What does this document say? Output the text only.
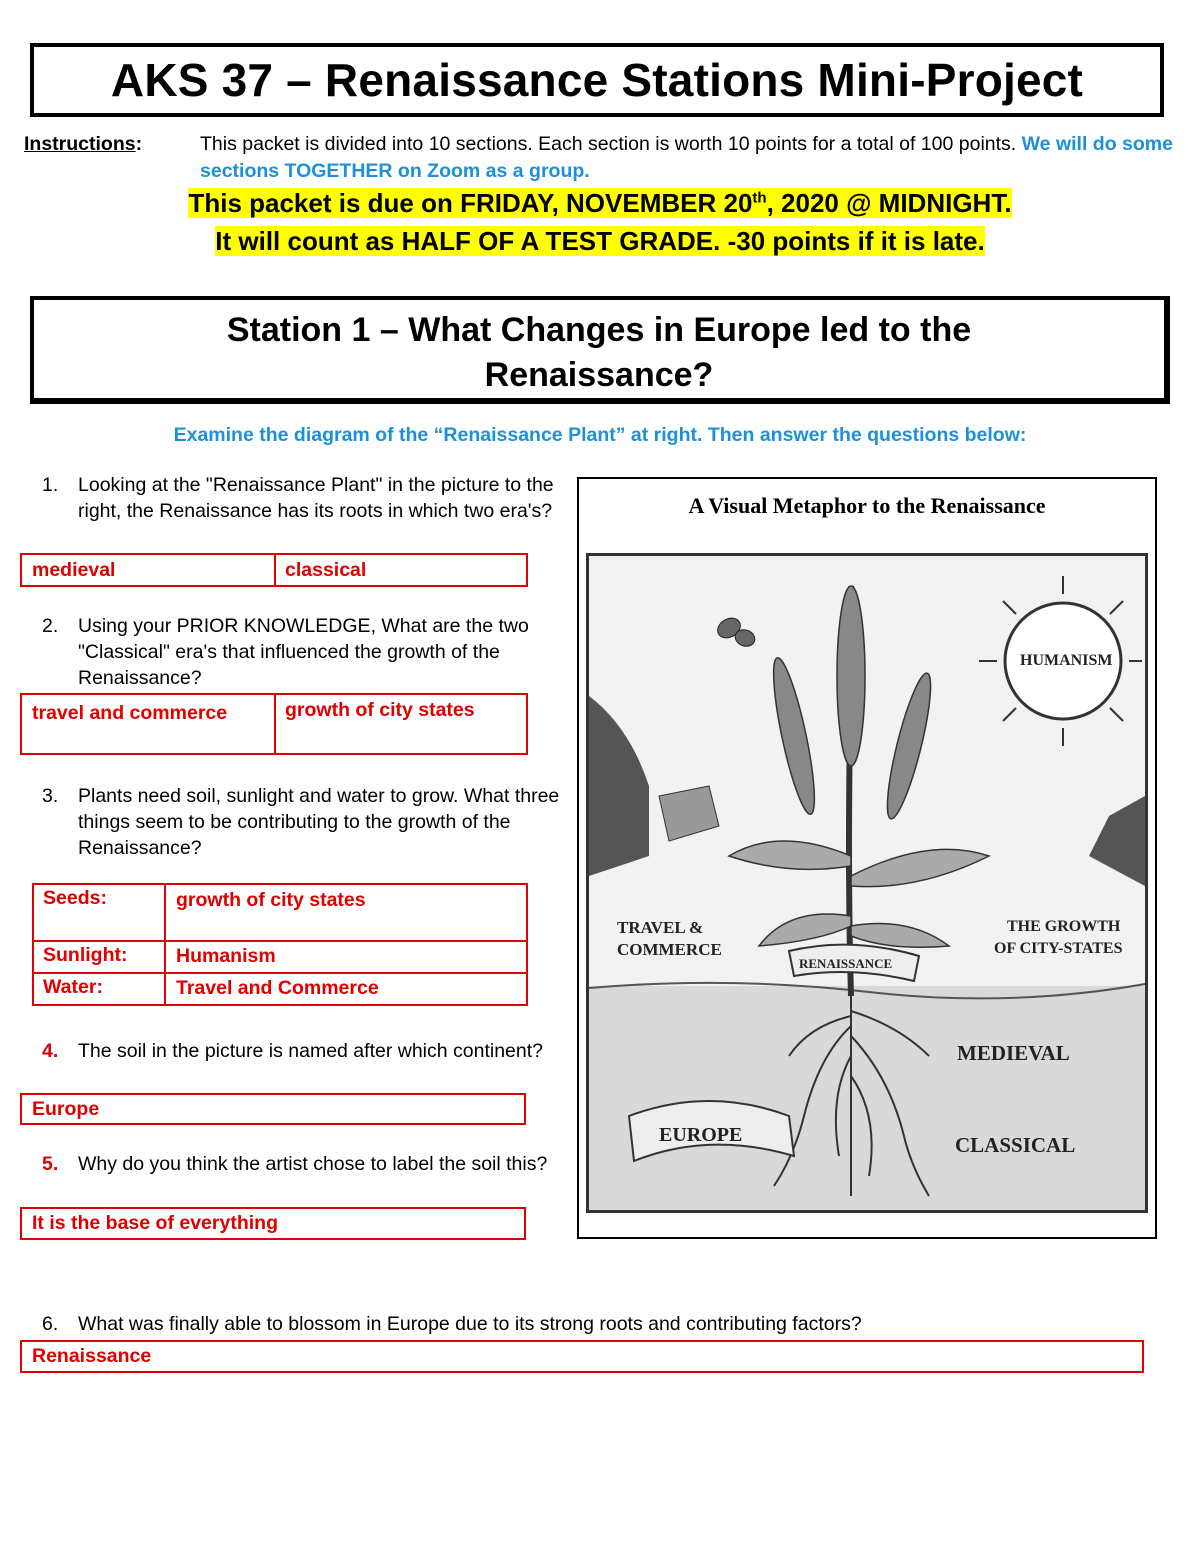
AKS 37 – Renaissance Stations Mini-Project
Instructions:	This packet is divided into 10 sections. Each section is worth 10 points for a total of 100 points. We will do some sections TOGETHER on Zoom as a group.
This packet is due on FRIDAY, NOVEMBER 20th, 2020 @ MIDNIGHT.
It will count as HALF OF A TEST GRADE. -30 points if it is late.
Station 1 – What Changes in Europe led to the
Renaissance?
Examine the diagram of the “Renaissance Plant” at right. Then answer the questions below:
1. Looking at the "Renaissance Plant" in the picture to the right, the Renaissance has its roots in which two era's?
medieval	classical
2. Using your PRIOR KNOWLEDGE, What are the two "Classical" era's that influenced the growth of the Renaissance?
travel and commerce	growth of city states
3. Plants need soil, sunlight and water to grow. What three things seem to be contributing to the growth of the Renaissance?
Seeds:	growth of city states
Sunlight: Humanism
Water:	Travel and Commerce
4. The soil in the picture is named after which continent?
Europe
5. Why do you think the artist chose to label the soil this?
It is the base of everything
6. What was finally able to blossom in Europe due to its strong roots and contributing factors?
Renaissance
A Visual Metaphor to the Renaissance
HUMANISM
TRAVEL &
COMMERCE
THE GROWTH
OF CITY-STATES
RENAISSANCE
MEDIEVAL
EUROPE	CLASSICAL
